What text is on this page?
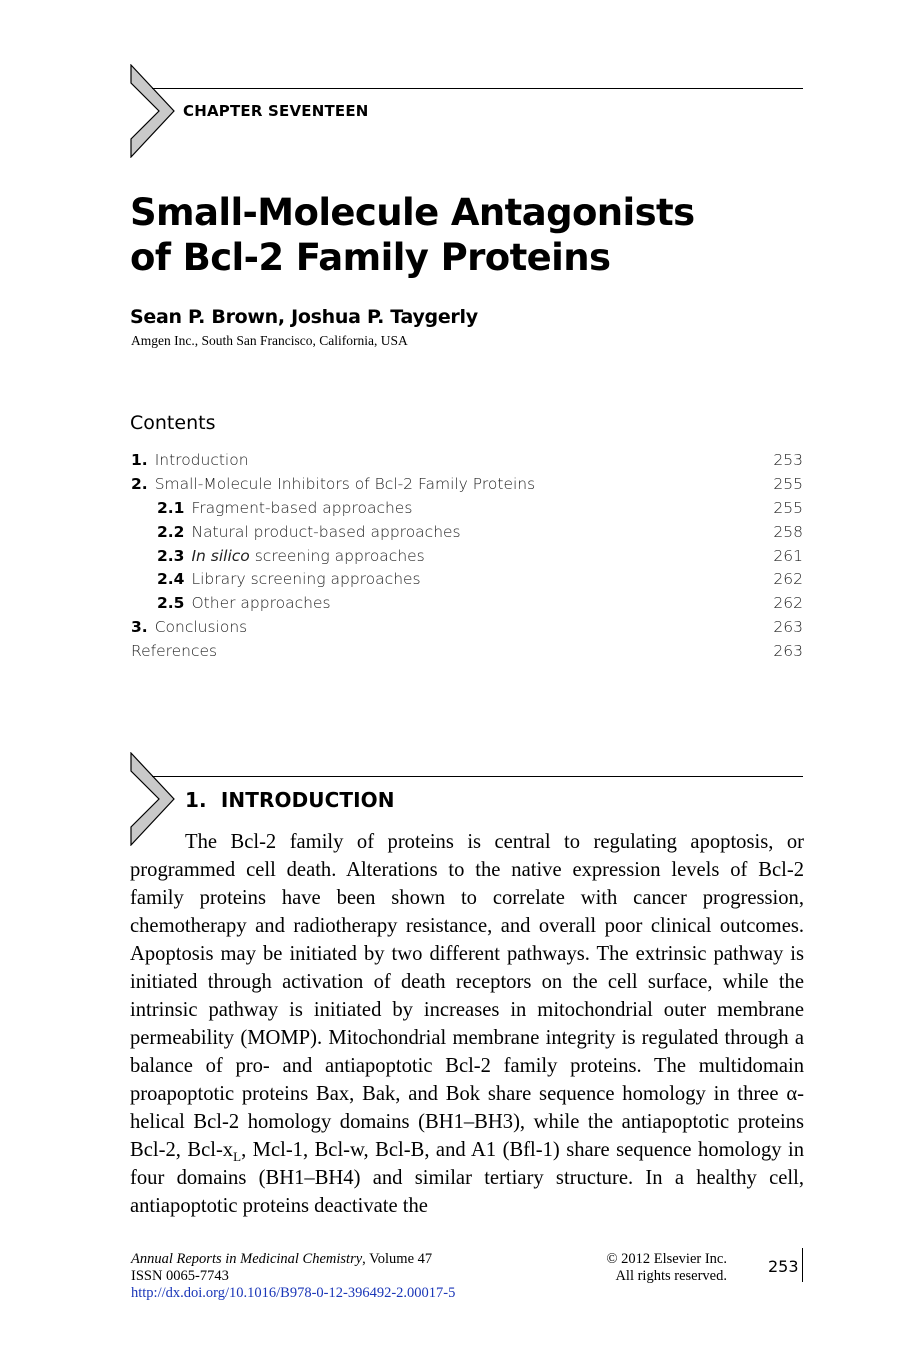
CHAPTER SEVENTEEN
Small-Molecule Antagonists
of Bcl-2 Family Proteins
Sean P. Brown, Joshua P. Taygerly
Amgen Inc., South San Francisco, California, USA
Contents
1. Introduction	253
2. Small-Molecule Inhibitors of Bcl-2 Family Proteins	255
2.1 Fragment-based approaches	255
2.2 Natural product-based approaches	258
2.3 In silico screening approaches	261
2.4 Library screening approaches	262
2.5 Other approaches	262
3. Conclusions	263
References	263
1.  INTRODUCTION

The Bcl-2 family of proteins is central to regulating apoptosis, or programmed cell death. Alterations to the native expression levels of Bcl-2 family proteins have been shown to correlate with cancer progression, chemotherapy and radiotherapy resistance, and overall poor clinical outcomes. Apoptosis may be initiated by two different pathways. The extrinsic pathway is initiated through activation of death receptors on the cell surface, while the intrinsic pathway is initiated by increases in mitochondrial outer membrane permeability (MOMP). Mitochondrial membrane integrity is regulated through a balance of pro- and antiapoptotic Bcl-2 family proteins. The multidomain proapoptotic proteins Bax, Bak, and Bok share sequence homology in three α-helical Bcl-2 homology domains (BH1–BH3), while the antiapoptotic proteins Bcl-2, Bcl-$x_L$, Mcl-1, Bcl-w, Bcl-B, and A1 (Bfl-1) share sequence homology in four domains (BH1–BH4) and similar tertiary structure. In a healthy cell, antiapoptotic proteins deactivate the

Annual Reports in Medicinal Chemistry, Volume 47
ISSN 0065-7743
http://dx.doi.org/10.1016/B978-0-12-396492-2.00017-5
© 2012 Elsevier Inc.
All rights reserved.	253
